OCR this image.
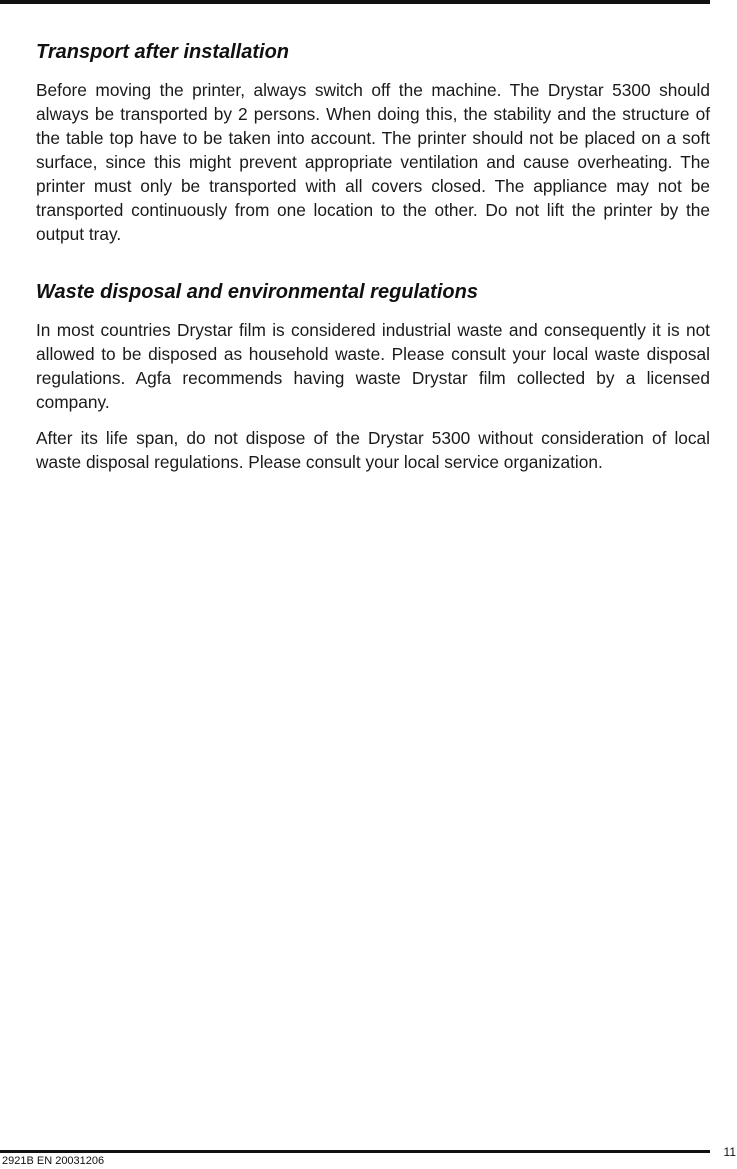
Transport after installation

Before moving the printer, always switch off the machine. The Drystar 5300 should always be transported by 2 persons. When doing this, the stability and the structure of the table top have to be taken into account. The printer should not be placed on a soft surface, since this might prevent appropriate ventilation and cause overheating. The printer must only be transported with all covers closed. The appliance may not be transported continuously from one location to the other. Do not lift the printer by the output tray.

Waste disposal and environmental regulations

In most countries Drystar film is considered industrial waste and consequently it is not allowed to be disposed as household waste. Please consult your local waste disposal regulations. Agfa recommends having waste Drystar film collected by a licensed company.

After its life span, do not dispose of the Drystar 5300 without consideration of local waste disposal regulations. Please consult your local service organization.

2921B EN 20031206
11
